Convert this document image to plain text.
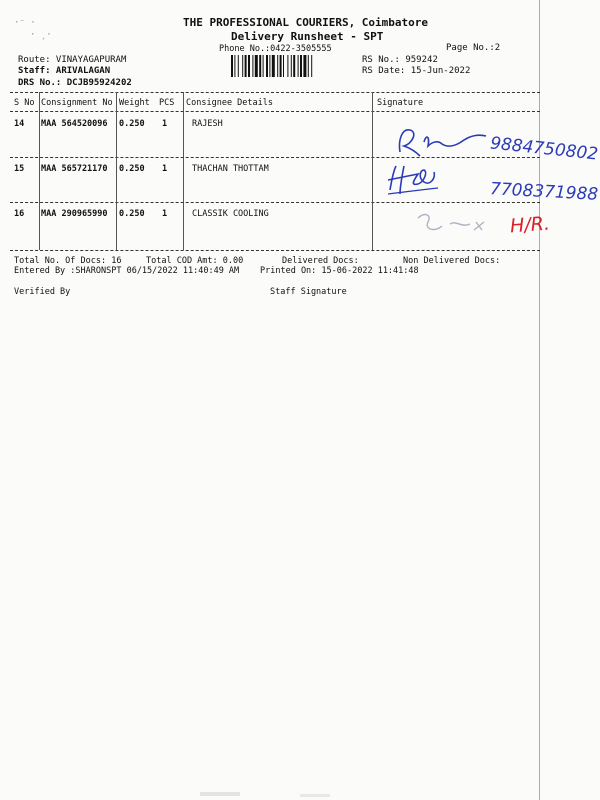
·⁻ ·
· ˏ·
THE PROFESSIONAL COURIERS, Coimbatore
Delivery Runsheet - SPT
Phone No.:0422-3505555	Page No.:2
Route: VINAYAGAPURAM
Staff: ARIVALAGAN
DRS No.: DCJB95924202
RS No.: 959242
RS Date: 15-Jun-2022
S No Consignment No Weight PCS Consignee Details	Signature
14 MAA 564520096 0.250 1	RAJESH
9884750802
15 MAA 565721170 0.250 1	THACHAN THOTTAM
7708371988
16 MAA 290965990 0.250 1	CLASSIK COOLING	H/R.
Total No. Of Docs: 16	Total COD Amt: 0.00	Delivered Docs:	Non Delivered Docs:
Entered By :SHARONSPT 06/15/2022 11:40:49 AM Printed On: 15-06-2022 11:41:48
Verified By	Staff Signature
